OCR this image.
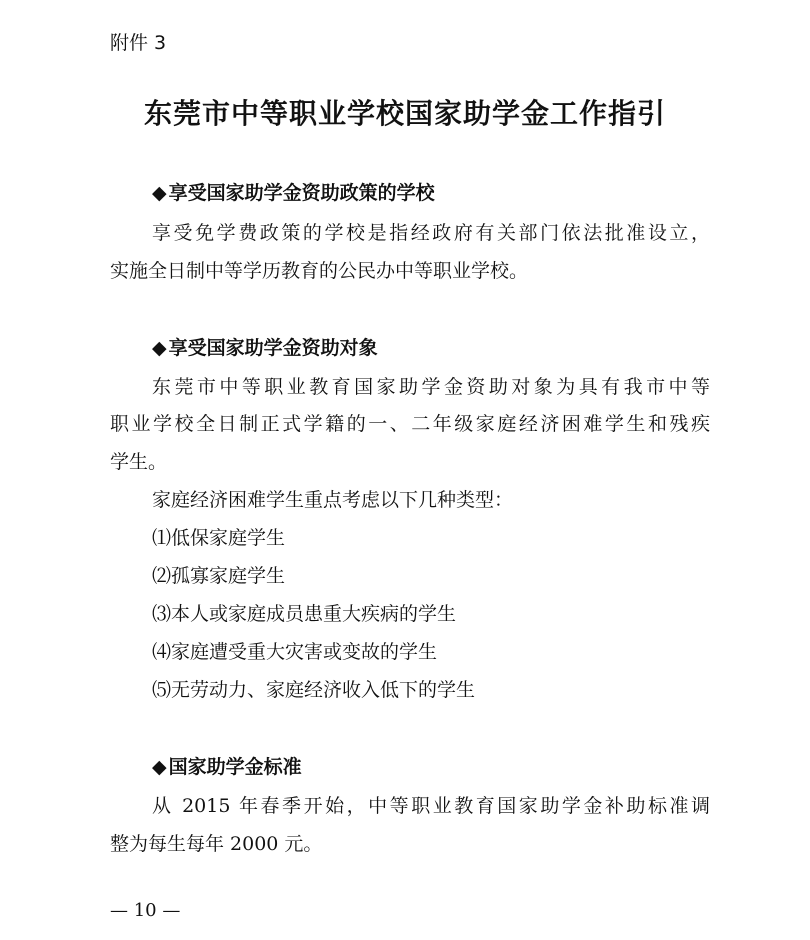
附件 3
东莞市中等职业学校国家助学金工作指引
◆ 享受国家助学金资助政策的学校
享受免学费政策的学校是指经政府有关部门依法批准设立，
实施全日制中等学历教育的公民办中等职业学校。
◆ 享受国家助学金资助对象
东莞市中等职业教育国家助学金资助对象为具有我市中等
职业学校全日制正式学籍的一、二年级家庭经济困难学生和残疾
学生。
家庭经济困难学生重点考虑以下几种类型：
⑴低保家庭学生
⑵孤寡家庭学生
⑶本人或家庭成员患重大疾病的学生
⑷家庭遭受重大灾害或变故的学生
⑸无劳动力、家庭经济收入低下的学生
◆ 国家助学金标准
从 2015 年春季开始，中等职业教育国家助学金补助标准调
整为每生每年 2000 元。
— 10 —
